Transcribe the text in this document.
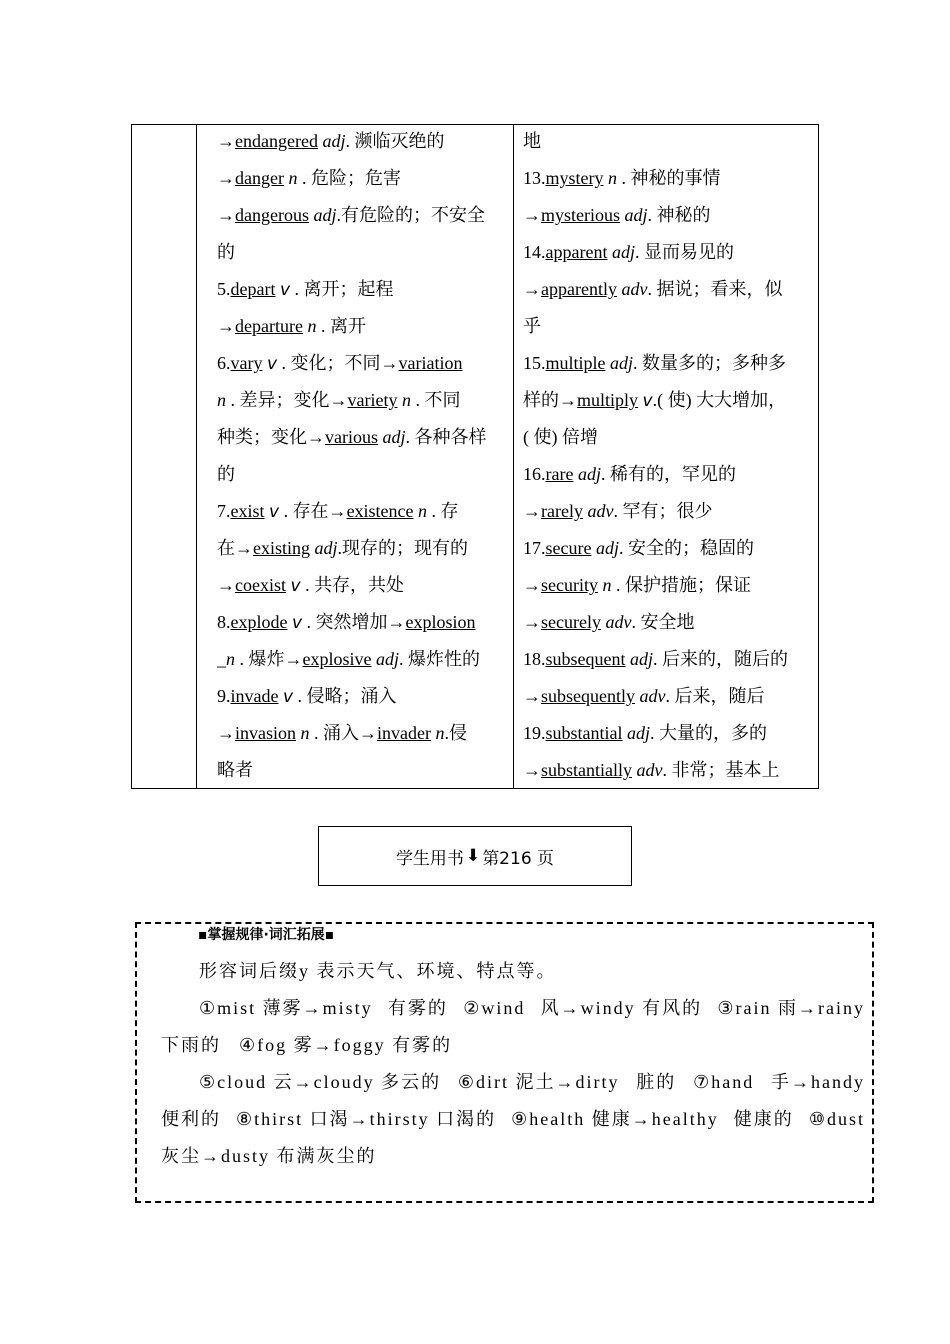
→endangered adj. 濒临灭绝的
→danger n . 危险；危害
→dangerous adj.有危险的；不安全
的
5.depart v . 离开；起程
→departure n . 离开
6.vary v . 变化；不同→variation
n . 差异；变化→variety n . 不同
种类；变化→various adj. 各种各样
的
7.exist v . 存在→existence n . 存
在→existing adj.现存的；现有的
→coexist v . 共存，共处
8.explode v . 突然增加→explosion
_n . 爆炸→explosive adj. 爆炸性的
9.invade v . 侵略；涌入
→invasion n . 涌入→invader n.侵
略者
地
13.mystery n . 神秘的事情
→mysterious adj. 神秘的
14.apparent adj. 显而易见的
→apparently adv. 据说；看来，似
乎
15.multiple adj. 数量多的；多种多
样的→multiply v.( 使) 大大增加，
( 使) 倍增
16.rare adj. 稀有的，罕见的
→rarely adv. 罕有；很少
17.secure adj. 安全的；稳固的
→security n . 保护措施；保证
→securely adv. 安全地
18.subsequent adj. 后来的，随后的
→subsequently adv. 后来，随后
19.substantial adj. 大量的，多的
→substantially adv. 非常；基本上
学生用书 ⬇ 第216 页
▪掌握规律·词汇拓展▪
形容词后缀y 表示天气、环境、特点等。
①mist 薄雾→misty 有雾的 ②wind 风→windy 有风的 ③rain 雨→rainy
下雨的 ④fog 雾→foggy 有雾的
⑤cloud 云→cloudy 多云的 ⑥dirt 泥土→dirty 脏的 ⑦hand 手→handy
便利的 ⑧thirst 口渴→thirsty 口渴的 ⑨health 健康→healthy 健康的 ⑩dust
灰尘→dusty 布满灰尘的
